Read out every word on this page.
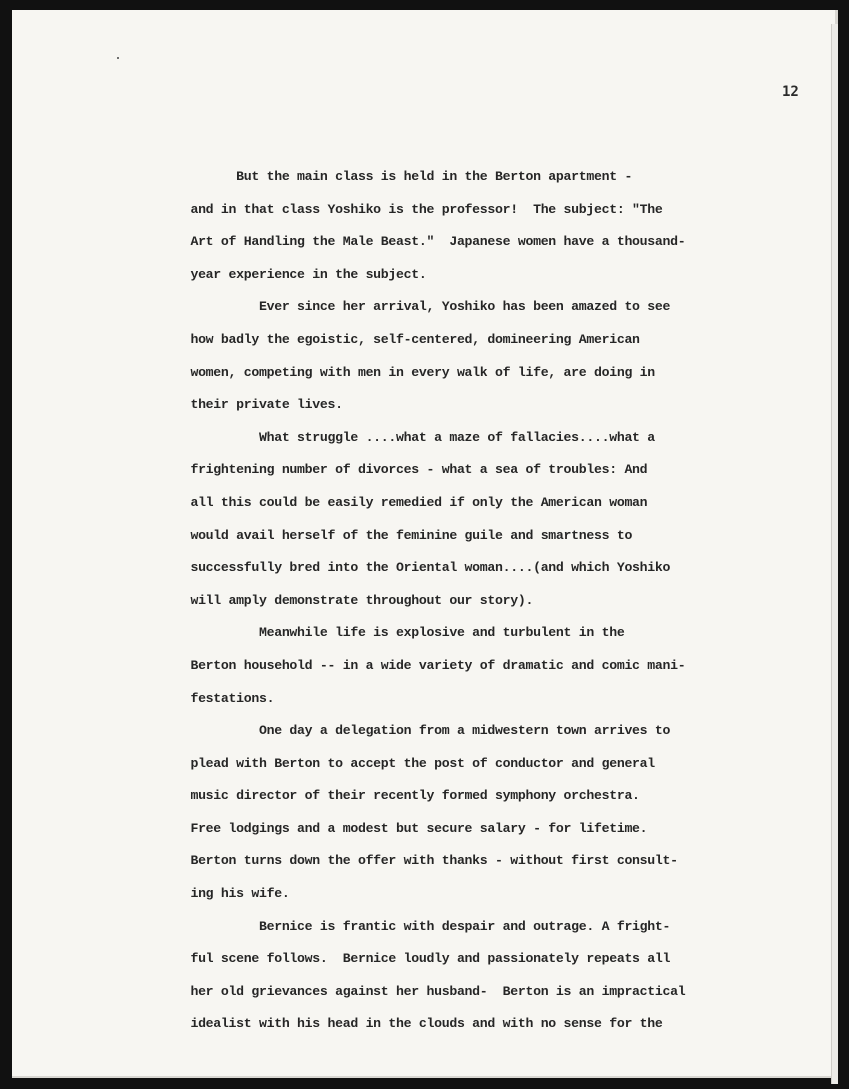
12

But the main class is held in the Berton apartment -
and in that class Yoshiko is the professor!  The subject: "The
Art of Handling the Male Beast."  Japanese women have a thousand-
year experience in the subject.
Ever since her arrival, Yoshiko has been amazed to see
how badly the egoistic, self-centered, domineering American
women, competing with men in every walk of life, are doing in
their private lives.
What struggle ....what a maze of fallacies....what a
frightening number of divorces - what a sea of troubles: And
all this could be easily remedied if only the American woman
would avail herself of the feminine guile and smartness to
successfully bred into the Oriental woman....(and which Yoshiko
will amply demonstrate throughout our story).
Meanwhile life is explosive and turbulent in the
Berton household -- in a wide variety of dramatic and comic mani-
festations.
One day a delegation from a midwestern town arrives to
plead with Berton to accept the post of conductor and general
music director of their recently formed symphony orchestra.
Free lodgings and a modest but secure salary - for lifetime.
Berton turns down the offer with thanks - without first consult-
ing his wife.
Bernice is frantic with despair and outrage. A fright-
ful scene follows.  Bernice loudly and passionately repeats all
her old grievances against her husband-  Berton is an impractical
idealist with his head in the clouds and with no sense for the
